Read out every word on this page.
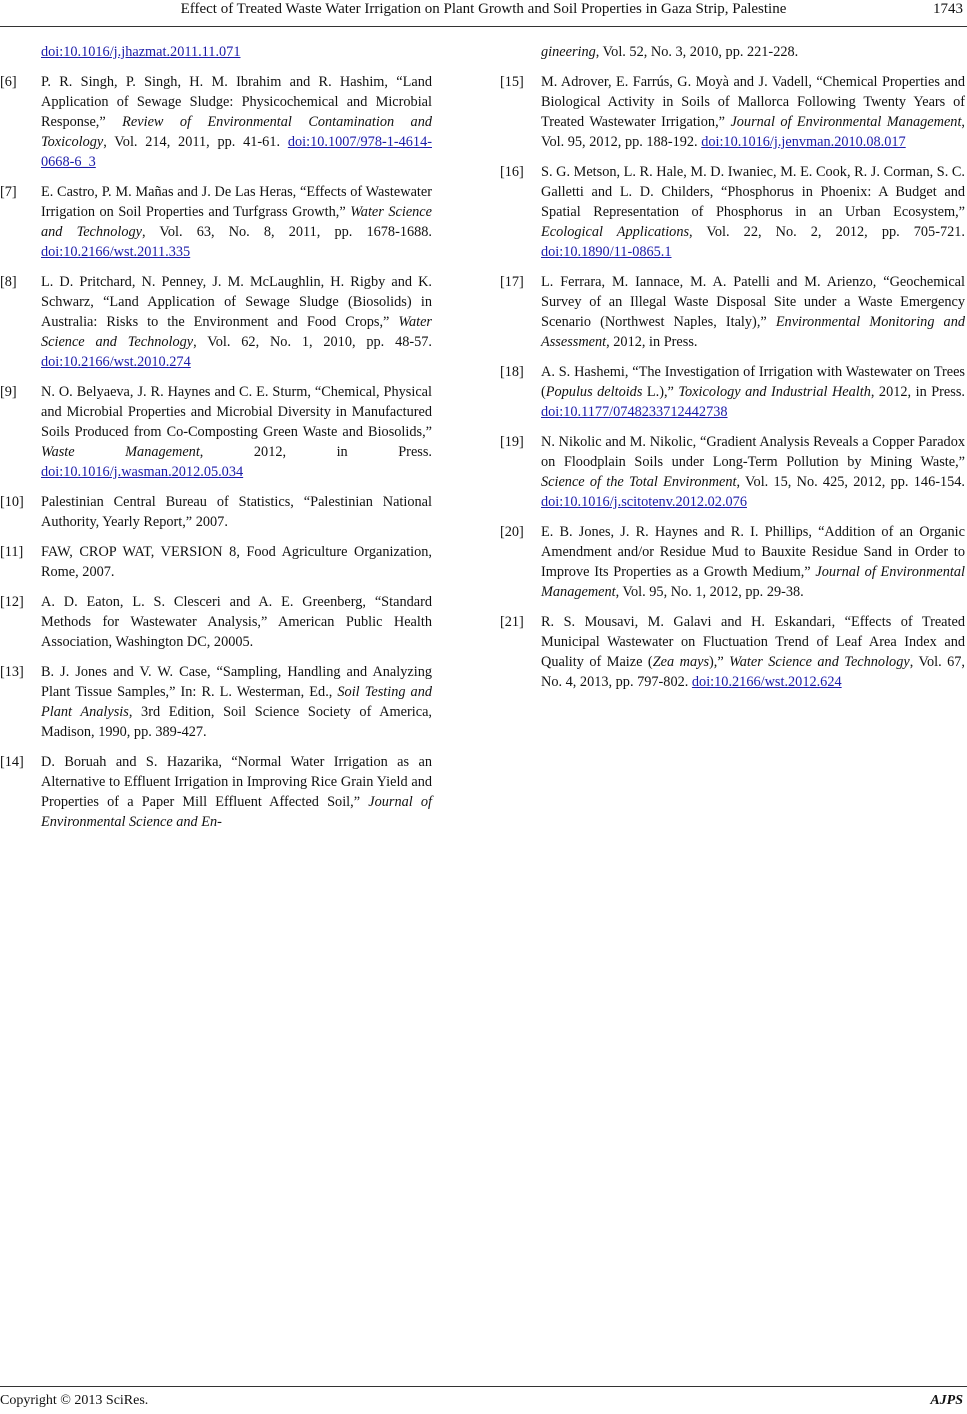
Effect of Treated Waste Water Irrigation on Plant Growth and Soil Properties in Gaza Strip, Palestine	1743
doi:10.1016/j.jhazmat.2011.11.071
[6]	P. R. Singh, P. Singh, H. M. Ibrahim and R. Hashim, “Land Application of Sewage Sludge: Physicochemical and Microbial Response,” Review of Environmental Contamination and Toxicology, Vol. 214, 2011, pp. 41-61. doi:10.1007/978-1-4614-0668-6_3
[7]	E. Castro, P. M. Mañas and J. De Las Heras, “Effects of Wastewater Irrigation on Soil Properties and Turfgrass Growth,” Water Science and Technology, Vol. 63, No. 8, 2011, pp. 1678-1688. doi:10.2166/wst.2011.335
[8]	L. D. Pritchard, N. Penney, J. M. McLaughlin, H. Rigby and K. Schwarz, “Land Application of Sewage Sludge (Biosolids) in Australia: Risks to the Environment and Food Crops,” Water Science and Technology, Vol. 62, No. 1, 2010, pp. 48-57. doi:10.2166/wst.2010.274
[9]	N. O. Belyaeva, J. R. Haynes and C. E. Sturm, “Chemical, Physical and Microbial Properties and Microbial Diversity in Manufactured Soils Produced from Co-Composting Green Waste and Biosolids,” Waste Management, 2012, in Press. doi:10.1016/j.wasman.2012.05.034
[10]	Palestinian Central Bureau of Statistics, “Palestinian National Authority, Yearly Report,” 2007.
[11]	FAW, CROP WAT, VERSION 8, Food Agriculture Organization, Rome, 2007.
[12]	A. D. Eaton, L. S. Clesceri and A. E. Greenberg, “Standard Methods for Wastewater Analysis,” American Public Health Association, Washington DC, 20005.
[13]	B. J. Jones and V. W. Case, “Sampling, Handling and Analyzing Plant Tissue Samples,” In: R. L. Westerman, Ed., Soil Testing and Plant Analysis, 3rd Edition, Soil Science Society of America, Madison, 1990, pp. 389-427.
[14]	D. Boruah and S. Hazarika, “Normal Water Irrigation as an Alternative to Effluent Irrigation in Improving Rice Grain Yield and Properties of a Paper Mill Effluent Affected Soil,” Journal of Environmental Science and En-
gineering, Vol. 52, No. 3, 2010, pp. 221-228.
[15]	M. Adrover, E. Farrús, G. Moyà and J. Vadell, “Chemical Properties and Biological Activity in Soils of Mallorca Following Twenty Years of Treated Wastewater Irrigation,” Journal of Environmental Management, Vol. 95, 2012, pp. 188-192. doi:10.1016/j.jenvman.2010.08.017
[16]	S. G. Metson, L. R. Hale, M. D. Iwaniec, M. E. Cook, R. J. Corman, S. C. Galletti and L. D. Childers, “Phosphorus in Phoenix: A Budget and Spatial Representation of Phosphorus in an Urban Ecosystem,” Ecological Applications, Vol. 22, No. 2, 2012, pp. 705-721. doi:10.1890/11-0865.1
[17]	L. Ferrara, M. Iannace, M. A. Patelli and M. Arienzo, “Geochemical Survey of an Illegal Waste Disposal Site under a Waste Emergency Scenario (Northwest Naples, Italy),” Environmental Monitoring and Assessment, 2012, in Press.
[18]	A. S. Hashemi, “The Investigation of Irrigation with Wastewater on Trees (Populus deltoids L.),” Toxicology and Industrial Health, 2012, in Press. doi:10.1177/0748233712442738
[19]	N. Nikolic and M. Nikolic, “Gradient Analysis Reveals a Copper Paradox on Floodplain Soils under Long-Term Pollution by Mining Waste,” Science of the Total Environment, Vol. 15, No. 425, 2012, pp. 146-154. doi:10.1016/j.scitotenv.2012.02.076
[20]	E. B. Jones, J. R. Haynes and R. I. Phillips, “Addition of an Organic Amendment and/or Residue Mud to Bauxite Residue Sand in Order to Improve Its Properties as a Growth Medium,” Journal of Environmental Management, Vol. 95, No. 1, 2012, pp. 29-38.
[21]	R. S. Mousavi, M. Galavi and H. Eskandari, “Effects of Treated Municipal Wastewater on Fluctuation Trend of Leaf Area Index and Quality of Maize (Zea mays),” Water Science and Technology, Vol. 67, No. 4, 2013, pp. 797-802. doi:10.2166/wst.2012.624
Copyright © 2013 SciRes.	AJPS
